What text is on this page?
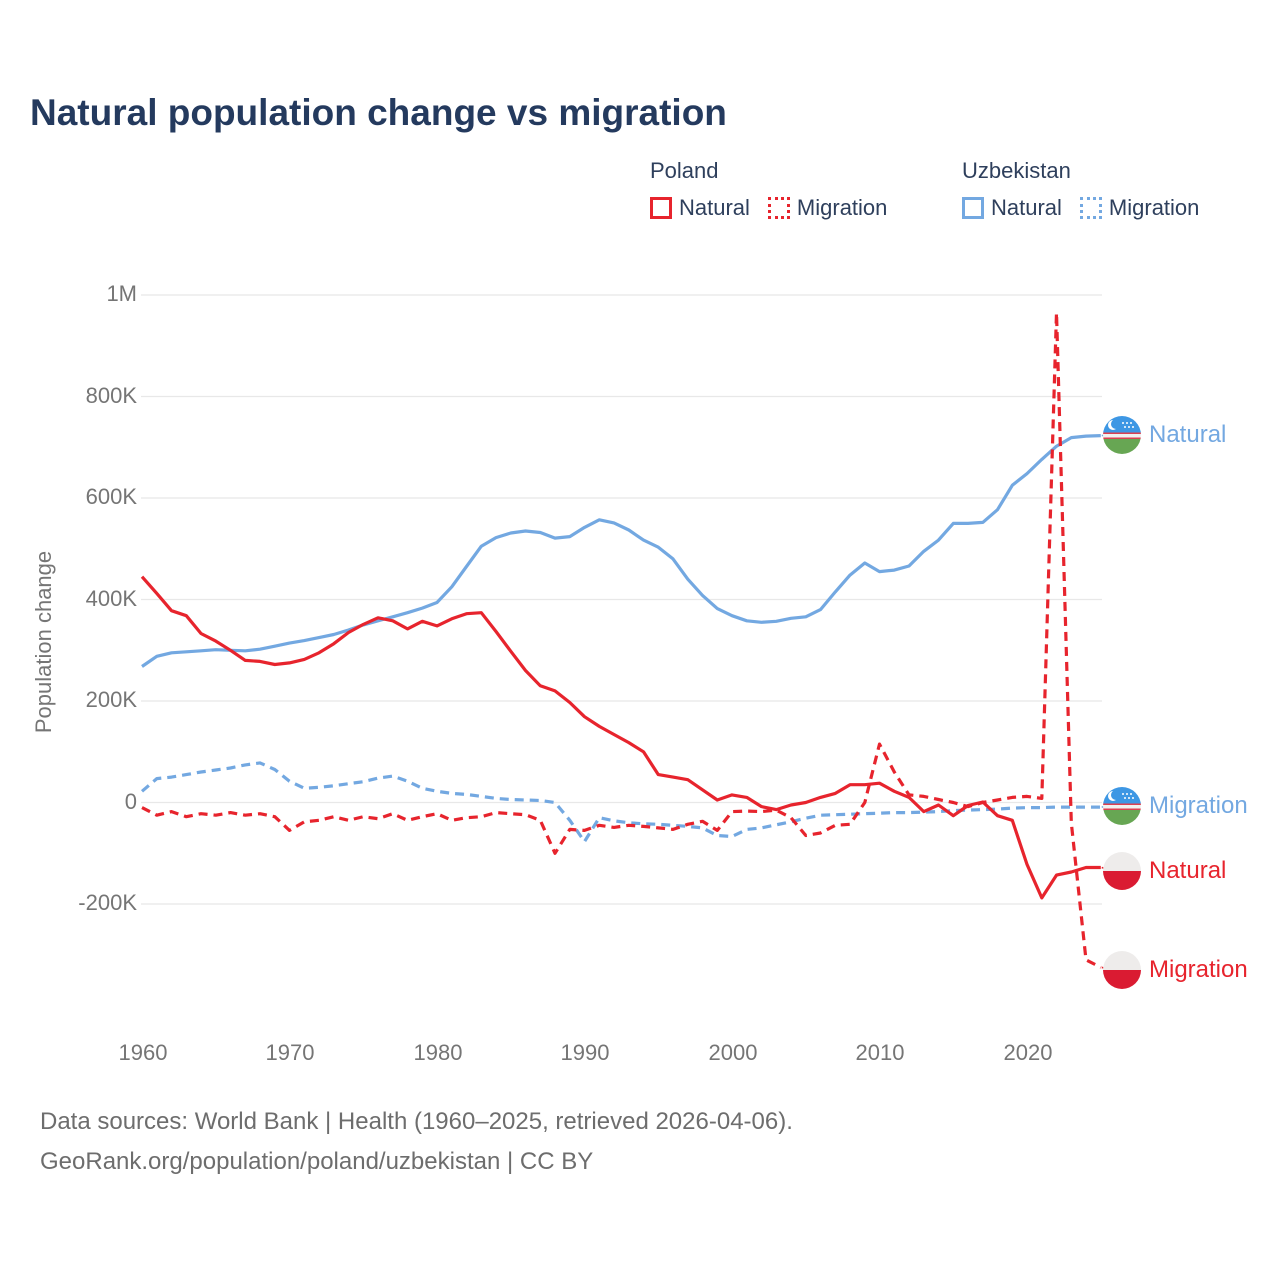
Natural population change vs migration
Poland
Natural Migration
Uzbekistan
Natural Migration
1M
800K
600K
400K
200K
0
-200K
Population change
1960	1970	1980	1990	2000	2010	2020
Natural
Migration
Natural
Migration
Data sources: World Bank | Health (1960–2025, retrieved 2026-04-06).
GeoRank.org/population/poland/uzbekistan | CC BY
